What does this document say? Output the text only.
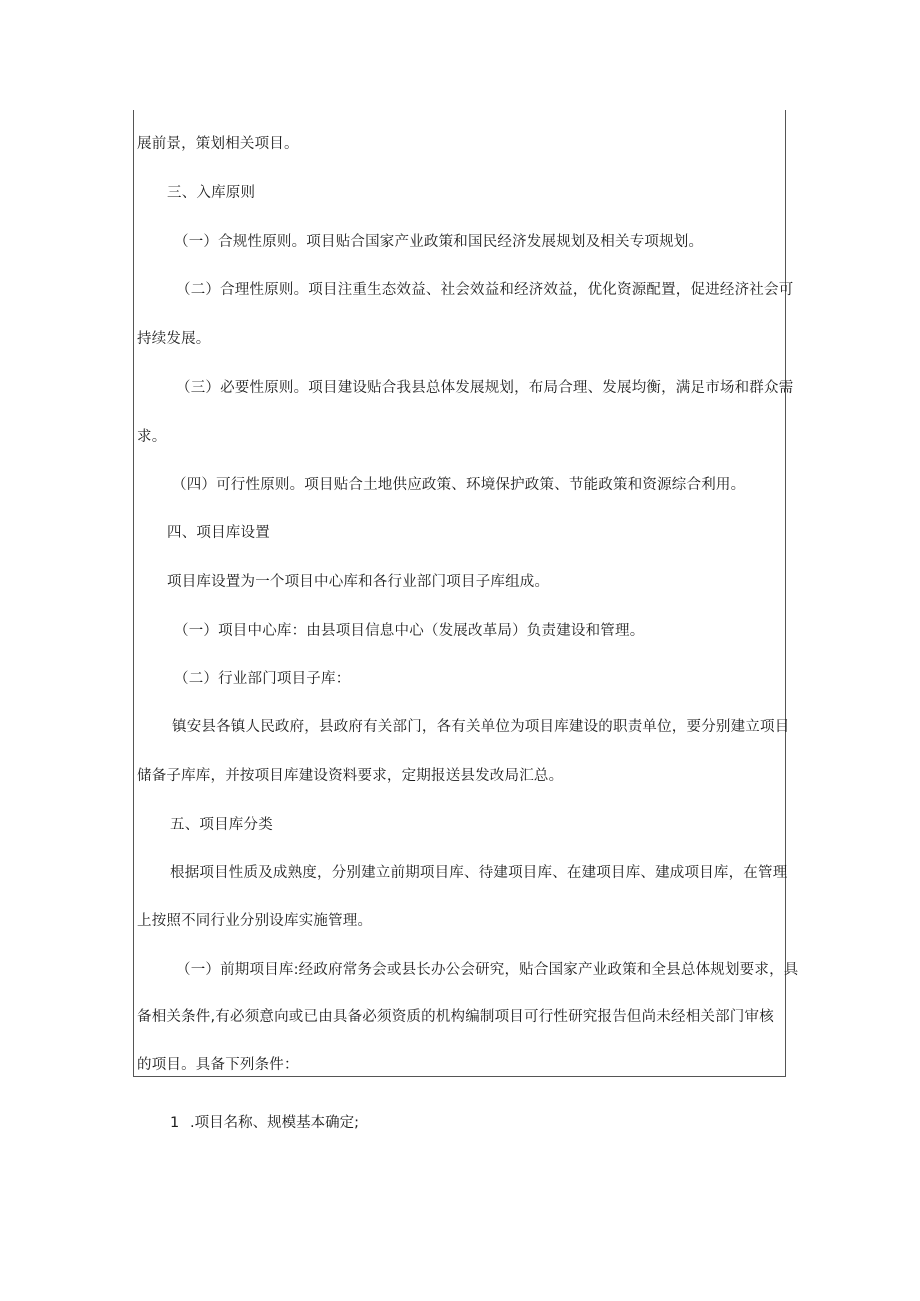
展前景，策划相关项目。
三、入库原则
（一）合规性原则。项目贴合国家产业政策和国民经济发展规划及相关专项规划。
（二）合理性原则。项目注重生态效益、社会效益和经济效益，优化资源配置，促进经济社会可
持续发展。
（三）必要性原则。项目建设贴合我县总体发展规划，布局合理、发展均衡，满足市场和群众需
求。
（四）可行性原则。项目贴合土地供应政策、环境保护政策、节能政策和资源综合利用。
四、项目库设置
项目库设置为一个项目中心库和各行业部门项目子库组成。
（一）项目中心库：由县项目信息中心（发展改革局）负责建设和管理。
（二）行业部门项目子库：
镇安县各镇人民政府，县政府有关部门，各有关单位为项目库建设的职责单位，要分别建立项目
储备子库库，并按项目库建设资料要求，定期报送县发改局汇总。
五、项目库分类
根据项目性质及成熟度，分别建立前期项目库、待建项目库、在建项目库、建成项目库，在管理
上按照不同行业分别设库实施管理。
（一）前期项目库:经政府常务会或县长办公会研究，贴合国家产业政策和全县总体规划要求，具
备相关条件,有必须意向或已由具备必须资质的机构编制项目可行性研究报告但尚未经相关部门审核
的项目。具备下列条件：
1 .项目名称、规模基本确定;
